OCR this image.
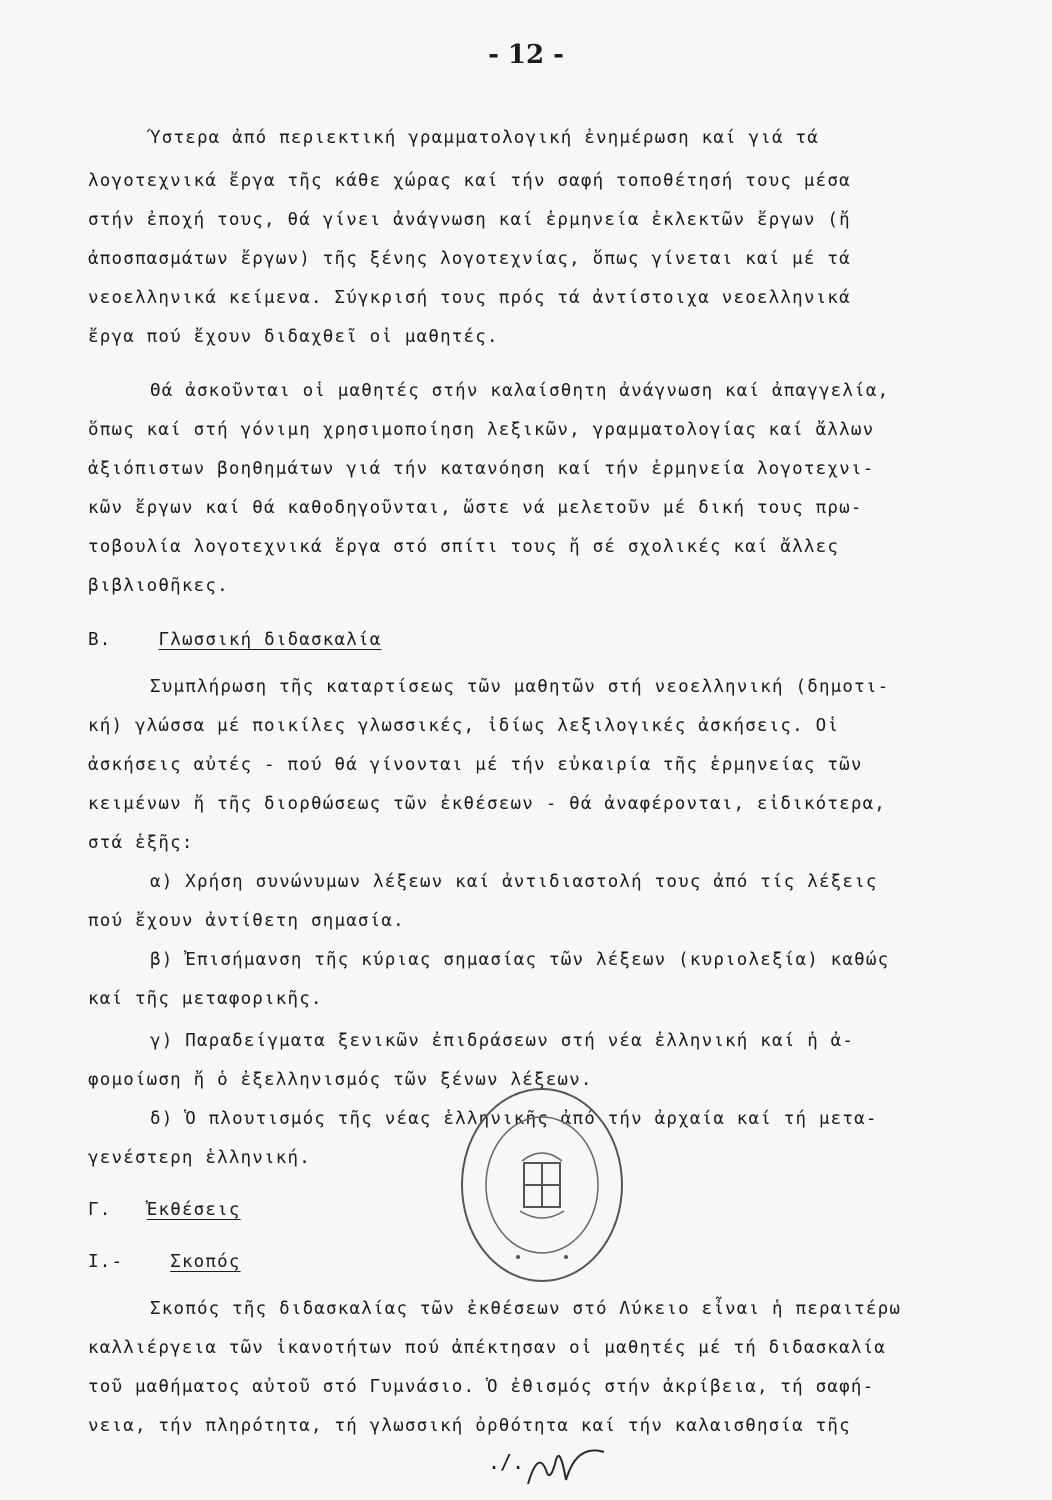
- 12 -
Ύστερα ἀπό περιεκτική γραμματολογική ἐνημέρωση καί γιά τά
λογοτεχνικά ἔργα τῆς κάθε χώρας καί τήν σαφή τοποθέτησή τους μέσα
στήν ἐποχή τους, θά γίνει ἀνάγνωση καί ἑρμηνεία ἐκλεκτῶν ἔργων (ἤ
ἀποσπασμάτων ἔργων) τῆς ξένης λογοτεχνίας, ὅπως γίνεται καί μέ τά
νεοελληνικά κείμενα. Σύγκρισή τους πρός τά ἀντίστοιχα νεοελληνικά
ἔργα πού ἔχουν διδαχθεῖ οἱ μαθητές.
Θά ἀσκοῦνται οἱ μαθητές στήν καλαίσθητη ἀνάγνωση καί ἀπαγγελία,
ὅπως καί στή γόνιμη χρησιμοποίηση λεξικῶν, γραμματολογίας καί ἄλλων
ἀξιόπιστων βοηθημάτων γιά τήν κατανόηση καί τήν ἑρμηνεία λογοτεχνι-
κῶν ἔργων καί θά καθοδηγοῦνται, ὥστε νά μελετοῦν μέ δική τους πρω-
τοβουλία λογοτεχνικά ἔργα στό σπίτι τους ἤ σέ σχολικές καί ἄλλες
βιβλιοθῆκες.
Β.	Γλωσσική διδασκαλία
Συμπλήρωση τῆς καταρτίσεως τῶν μαθητῶν στή νεοελληνική (δημοτι-
κή) γλώσσα μέ ποικίλες γλωσσικές, ἰδίως λεξιλογικές ἀσκήσεις. Οἱ
ἀσκήσεις αὐτές - πού θά γίνονται μέ τήν εὐκαιρία τῆς ἑρμηνείας τῶν
κειμένων ἤ τῆς διορθώσεως τῶν ἐκθέσεων - θά ἀναφέρονται, εἰδικότερα,
στά ἑξῆς:
α) Χρήση συνώνυμων λέξεων καί ἀντιδιαστολή τους ἀπό τίς λέξεις
πού ἔχουν ἀντίθετη σημασία.
β) Ἐπισήμανση τῆς κύριας σημασίας τῶν λέξεων (κυριολεξία) καθώς
καί τῆς μεταφορικῆς.
γ) Παραδείγματα ξενικῶν ἐπιδράσεων στή νέα ἑλληνική καί ἡ ἀ-
φομοίωση ἤ ὁ ἐξελληνισμός τῶν ξένων λέξεων.
δ) Ὁ πλουτισμός τῆς νέας ἑλληνικῆς ἀπό τήν ἀρχαία καί τή μετα-
γενέστερη ἑλληνική.
Γ. Ἐκθέσεις
Ι.-	Σκοπός
Σκοπός τῆς διδασκαλίας τῶν ἐκθέσεων στό Λύκειο εἶναι ἡ περαιτέρω
καλλιέργεια τῶν ἱκανοτήτων πού ἀπέκτησαν οἱ μαθητές μέ τή διδασκαλία
τοῦ μαθήματος αὐτοῦ στό Γυμνάσιο. Ὁ ἐθισμός στήν ἀκρίβεια, τή σαφή-
νεια, τήν πληρότητα, τή γλωσσική ὀρθότητα καί τήν καλαισθησία τῆς
./.
